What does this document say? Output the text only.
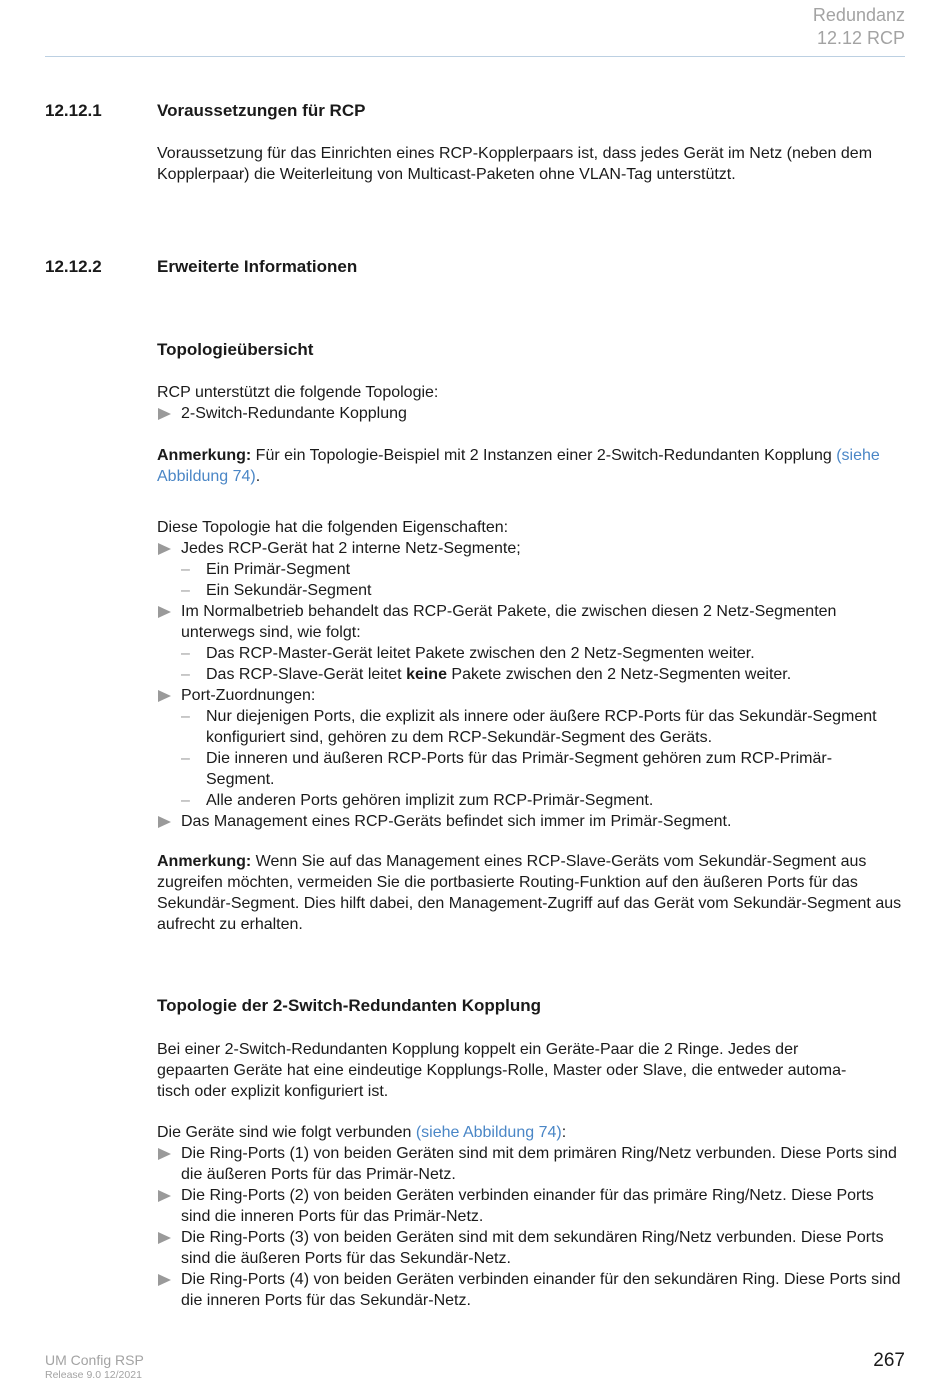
Redundanz
12.12 RCP
12.12.1	Voraussetzungen für RCP

Voraussetzung für das Einrichten eines RCP-Kopplerpaars ist, dass jedes Gerät im Netz (neben dem Kopplerpaar) die Weiterleitung von Multicast-Paketen ohne VLAN-Tag unterstützt.

12.12.2	Erweiterte Informationen
Topologieübersicht

RCP unterstützt die folgende Topologie:

2-Switch-Redundante Kopplung

Anmerkung: Für ein Topologie-Beispiel mit 2 Instanzen einer 2-Switch-Redundanten Kopplung (siehe Abbildung 74).

Diese Topologie hat die folgenden Eigenschaften:

Jedes RCP-Gerät hat 2 interne Netz-Segmente;
– Ein Primär-Segment
– Ein Sekundär-Segment
Im Normalbetrieb behandelt das RCP-Gerät Pakete, die zwischen diesen 2 Netz-Segmenten unterwegs sind, wie folgt:
– Das RCP-Master-Gerät leitet Pakete zwischen den 2 Netz-Segmenten weiter.
– Das RCP-Slave-Gerät leitet keine Pakete zwischen den 2 Netz-Segmenten weiter.
Port-Zuordnungen:
– Nur diejenigen Ports, die explizit als innere oder äußere RCP-Ports für das Sekundär-Segment konfiguriert sind, gehören zu dem RCP-Sekundär-Segment des Geräts.
– Die inneren und äußeren RCP-Ports für das Primär-Segment gehören zum RCP-Primär-Segment.
– Alle anderen Ports gehören implizit zum RCP-Primär-Segment.
Das Management eines RCP-Geräts befindet sich immer im Primär-Segment.

Anmerkung: Wenn Sie auf das Management eines RCP-Slave-Geräts vom Sekundär-Segment aus zugreifen möchten, vermeiden Sie die portbasierte Routing-Funktion auf den äußeren Ports für das Sekundär-Segment. Dies hilft dabei, den Management-Zugriff auf das Gerät vom Sekundär-Segment aus aufrecht zu erhalten.

Topologie der 2-Switch-Redundanten Kopplung

Bei einer 2-Switch-Redundanten Kopplung koppelt ein Geräte-Paar die 2 Ringe. Jedes der

gepaarten Geräte hat eine eindeutige Kopplungs-Rolle, Master oder Slave, die entweder automa-

tisch oder explizit konfiguriert ist.

Die Geräte sind wie folgt verbunden (siehe Abbildung 74):

Die Ring-Ports (1) von beiden Geräten sind mit dem primären Ring/Netz verbunden. Diese Ports sind die äußeren Ports für das Primär-Netz.
Die Ring-Ports (2) von beiden Geräten verbinden einander für das primäre Ring/Netz. Diese Ports sind die inneren Ports für das Primär-Netz.
Die Ring-Ports (3) von beiden Geräten sind mit dem sekundären Ring/Netz verbunden. Diese Ports sind die äußeren Ports für das Sekundär-Netz.
Die Ring-Ports (4) von beiden Geräten verbinden einander für den sekundären Ring. Diese Ports sind die inneren Ports für das Sekundär-Netz.
UM Config RSP
Release 9.0 12/2021
267
